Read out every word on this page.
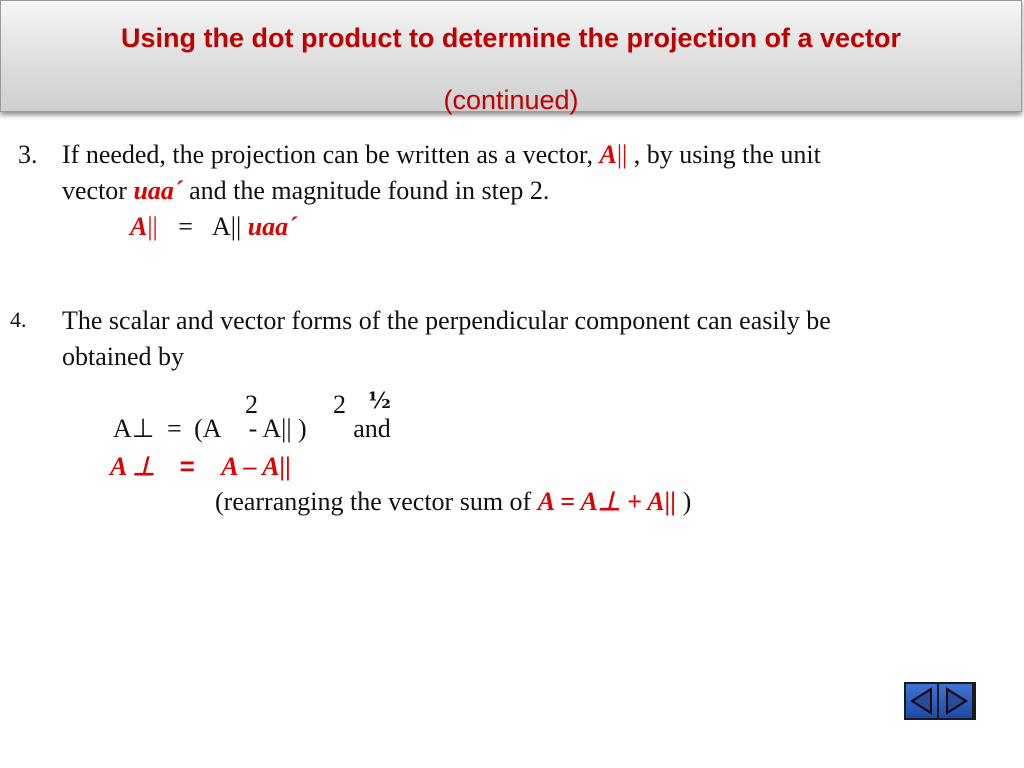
Using the dot product to determine the projection of a vector
(continued)
3. If needed, the projection can be written as a vector, A|| , by using the unit
vector uaa´ and the magnitude found in step 2.
A|| = A|| uaa´
4. The scalar and vector forms of the perpendicular component can easily be
obtained by
2	2 ½
A⊥ = (A - A|| ) and
A ⊥ = A – A||
(rearranging the vector sum of A = A⊥ + A|| )
